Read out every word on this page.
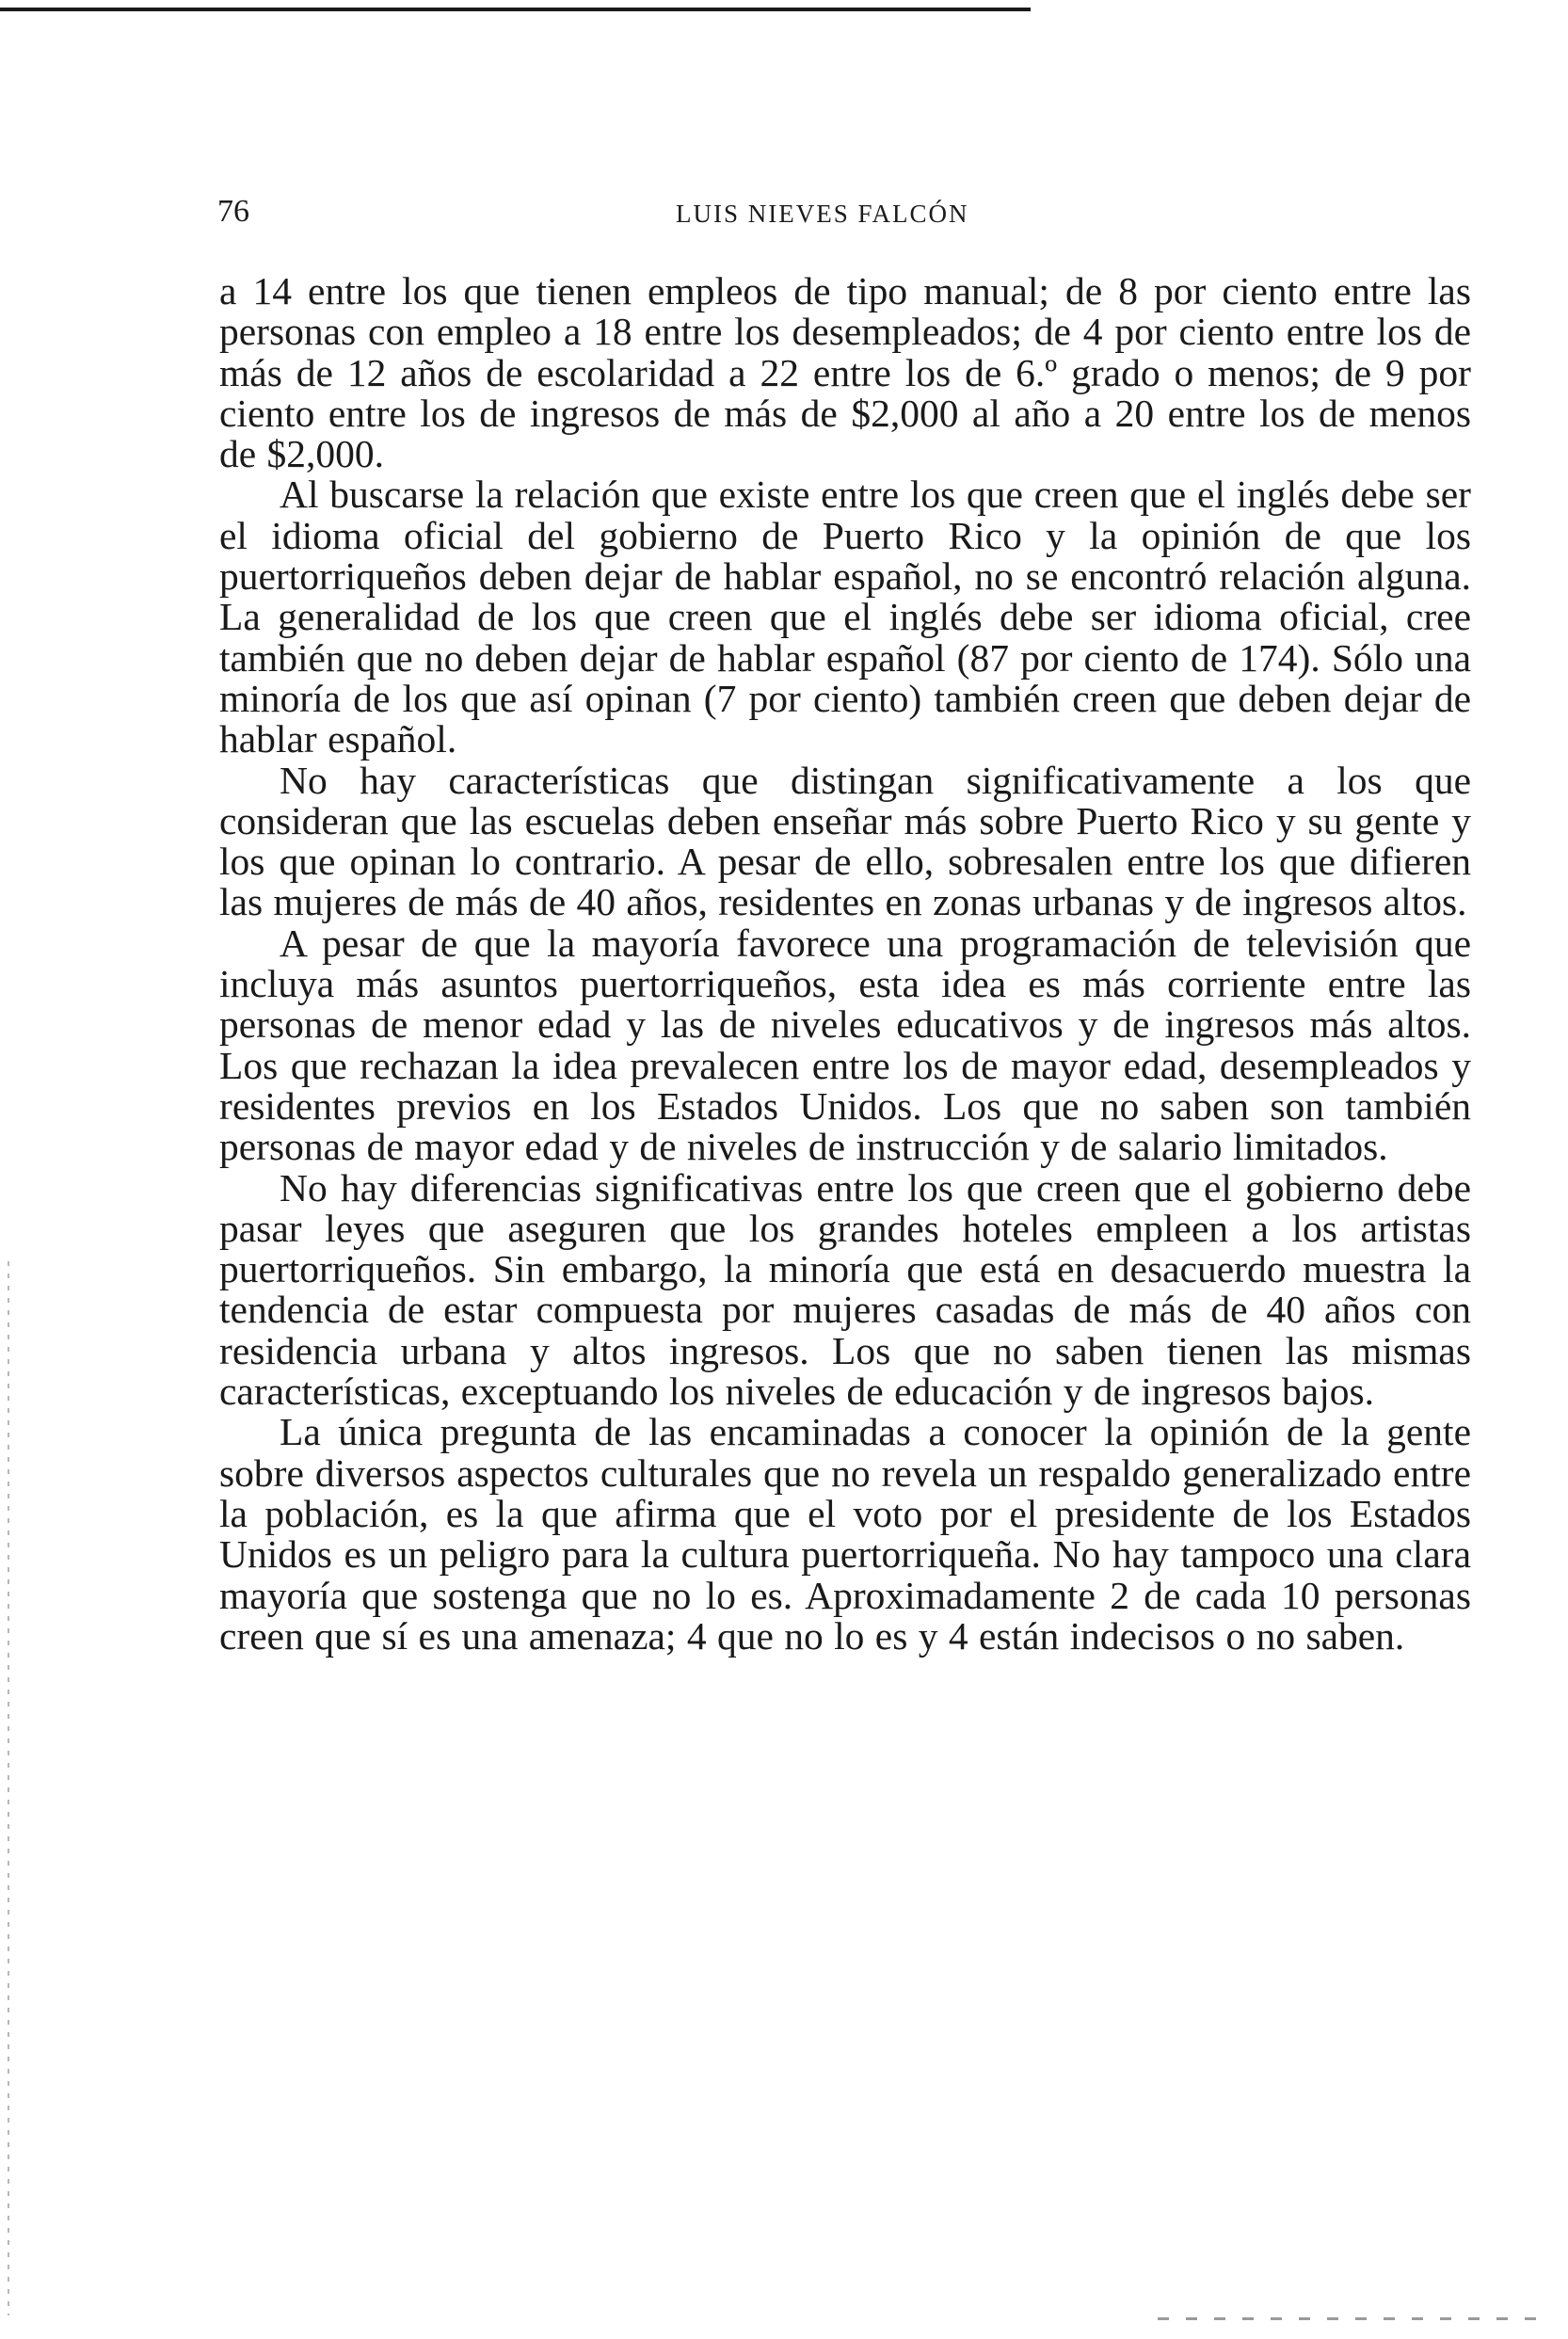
76	LUIS NIEVES FALCÓN

a 14 entre los que tienen empleos de tipo manual; de 8 por ciento entre las personas con empleo a 18 entre los desempleados; de 4 por ciento entre los de más de 12 años de escolaridad a 22 entre los de 6.º grado o menos; de 9 por ciento entre los de ingresos de más de $2,000 al año a 20 entre los de menos de $2,000.

Al buscarse la relación que existe entre los que creen que el inglés debe ser el idioma oficial del gobierno de Puerto Rico y la opinión de que los puertorriqueños deben dejar de hablar español, no se encontró relación alguna. La generalidad de los que creen que el inglés debe ser idioma oficial, cree también que no deben dejar de hablar español (87 por ciento de 174). Sólo una minoría de los que así opinan (7 por ciento) también creen que deben dejar de hablar español.

No hay características que distingan significativamente a los que consideran que las escuelas deben enseñar más sobre Puerto Rico y su gente y los que opinan lo contrario. A pesar de ello, sobresalen entre los que difieren las mujeres de más de 40 años, residentes en zonas urbanas y de ingresos altos.

A pesar de que la mayoría favorece una programación de televisión que incluya más asuntos puertorriqueños, esta idea es más corriente entre las personas de menor edad y las de niveles educativos y de ingresos más altos. Los que rechazan la idea prevalecen entre los de mayor edad, desempleados y residentes previos en los Estados Unidos. Los que no saben son también personas de mayor edad y de niveles de instrucción y de salario limitados.

No hay diferencias significativas entre los que creen que el gobierno debe pasar leyes que aseguren que los grandes hoteles empleen a los artistas puertorriqueños. Sin embargo, la minoría que está en desacuerdo muestra la tendencia de estar compuesta por mujeres casadas de más de 40 años con residencia urbana y altos ingresos. Los que no saben tienen las mismas características, exceptuando los niveles de educación y de ingresos bajos.

La única pregunta de las encaminadas a conocer la opinión de la gente sobre diversos aspectos culturales que no revela un respaldo generalizado entre la población, es la que afirma que el voto por el presidente de los Estados Unidos es un peligro para la cultura puertorriqueña. No hay tampoco una clara mayoría que sostenga que no lo es. Aproximadamente 2 de cada 10 personas creen que sí es una amenaza; 4 que no lo es y 4 están indecisos o no saben.
